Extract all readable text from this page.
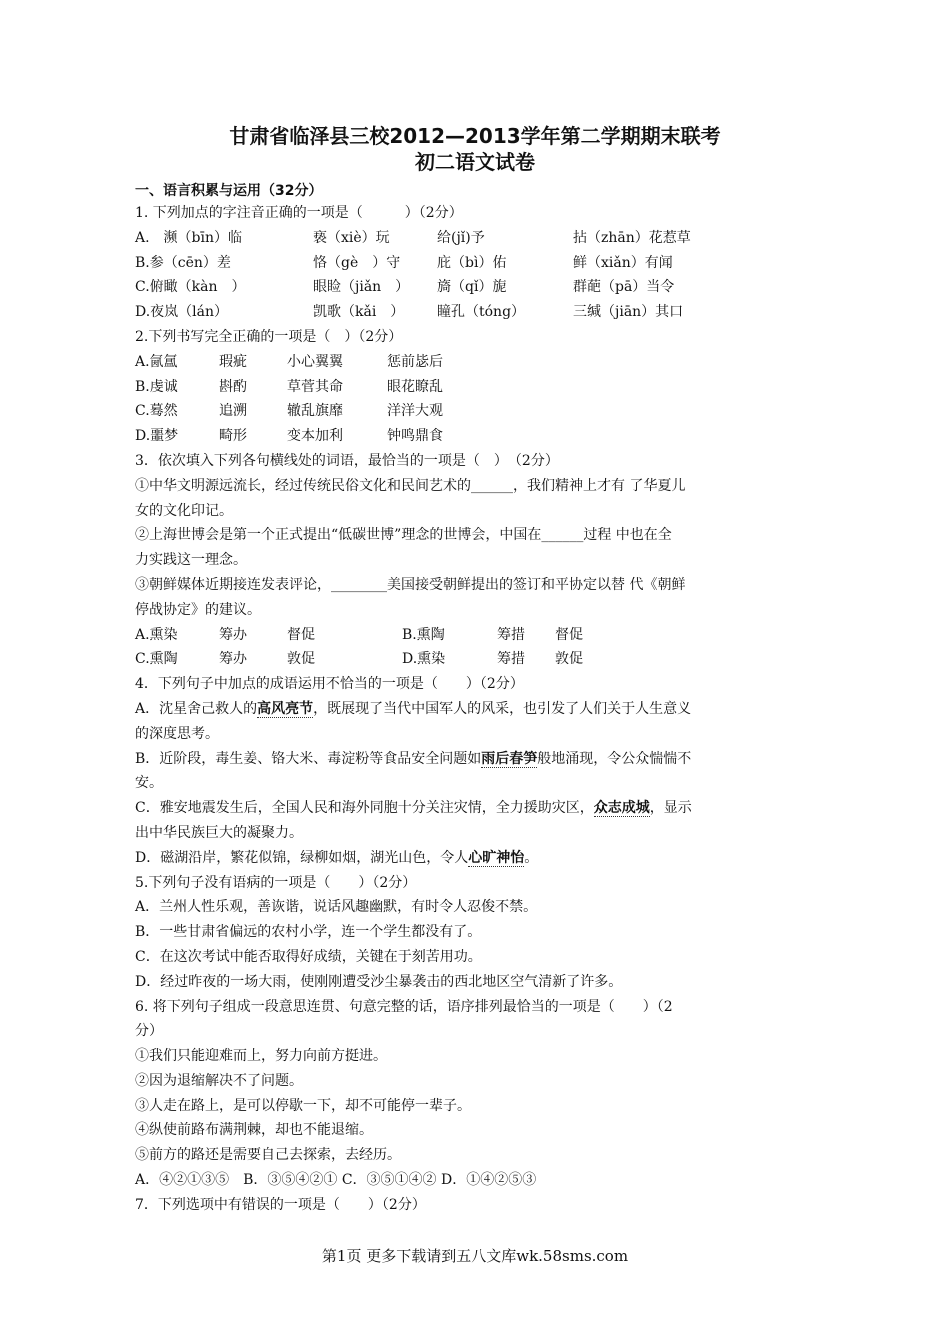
甘肃省临泽县三校2012—2013学年第二学期期末联考
初二语文试卷
一、语言积累与运用（32分）
1. 下列加点的字注音正确的一项是（　　　）（2分）
A.　濒（bīn）临	亵（xiè）玩	给(jǐ)予	拈（zhān）花惹草
B.参（cēn）差	恪（gè　）守	庇（bì）佑	鲜（xiǎn）有闻
C.俯瞰（kàn　）	眼睑（jiǎn　） 旖（qǐ）旎	群葩（pā）当令
D.夜岚（lán）	凯歌（kǎi　） 瞳孔（tóng）	三缄（jiān）其口
2.下列书写完全正确的一项是（　）（2分）
A.氤氲	瑕疵	小心翼翼	惩前毖后
B.虔诚	斟酌	草菅其命	眼花瞭乱
C.蓦然	追溯	辙乱旗靡	洋洋大观
D.噩梦	畸形	变本加利	钟鸣鼎食
3．依次填入下列各句横线处的词语，最恰当的一项是（　）　（2分）
①中华文明源远流长，经过传统民俗文化和民间艺术的______，我们精神上才有 了华夏儿
女的文化印记。
②上海世博会是第一个正式提出“低碳世博”理念的世博会，中国在______过程 中也在全
力实践这一理念。
③朝鲜媒体近期接连发表评论，________美国接受朝鲜提出的签订和平协定以替 代《朝鲜
停战协定》的建议。
A.熏染	筹办	督促	B.熏陶	筹措 督促
C.熏陶	筹办	敦促	D.熏染	筹措 敦促
4．下列句子中加点的成语运用不恰当的一项是（　　）（2分）
A．沈星舍己救人的高风亮节，既展现了当代中国军人的风采，也引发了人们关于人生意义
的深度思考。
B．近阶段，毒生姜、铬大米、毒淀粉等食品安全问题如雨后春笋般地涌现，令公众惴惴不
安。
C．雅安地震发生后，全国人民和海外同胞十分关注灾情，全力援助灾区，众志成城，显示
出中华民族巨大的凝聚力。
D．磁湖沿岸，繁花似锦，绿柳如烟，湖光山色，令人心旷神怡。
5.下列句子没有语病的一项是（　　）（2分）
A．兰州人性乐观，善诙谐，说话风趣幽默，有时令人忍俊不禁。
B．一些甘肃省偏远的农村小学，连一个学生都没有了。
C．在这次考试中能否取得好成绩，关键在于刻苦用功。
D．经过昨夜的一场大雨，使刚刚遭受沙尘暴袭击的西北地区空气清新了许多。
6. 将下列句子组成一段意思连贯、句意完整的话，语序排列最恰当的一项是（　　）（2
分）
①我们只能迎难而上，努力向前方挺进。
②因为退缩解决不了问题。
③人走在路上，是可以停歇一下，却不可能停一辈子。
④纵使前路布满荆棘，却也不能退缩。
⑤前方的路还是需要自己去探索，去经历。
A．④②①③⑤　B．③⑤④②① C．③⑤①④② D．①④②⑤③
7．下列选项中有错误的一项是（　　）（2分）
第1页 更多下载请到五八文库wk.58sms.com
